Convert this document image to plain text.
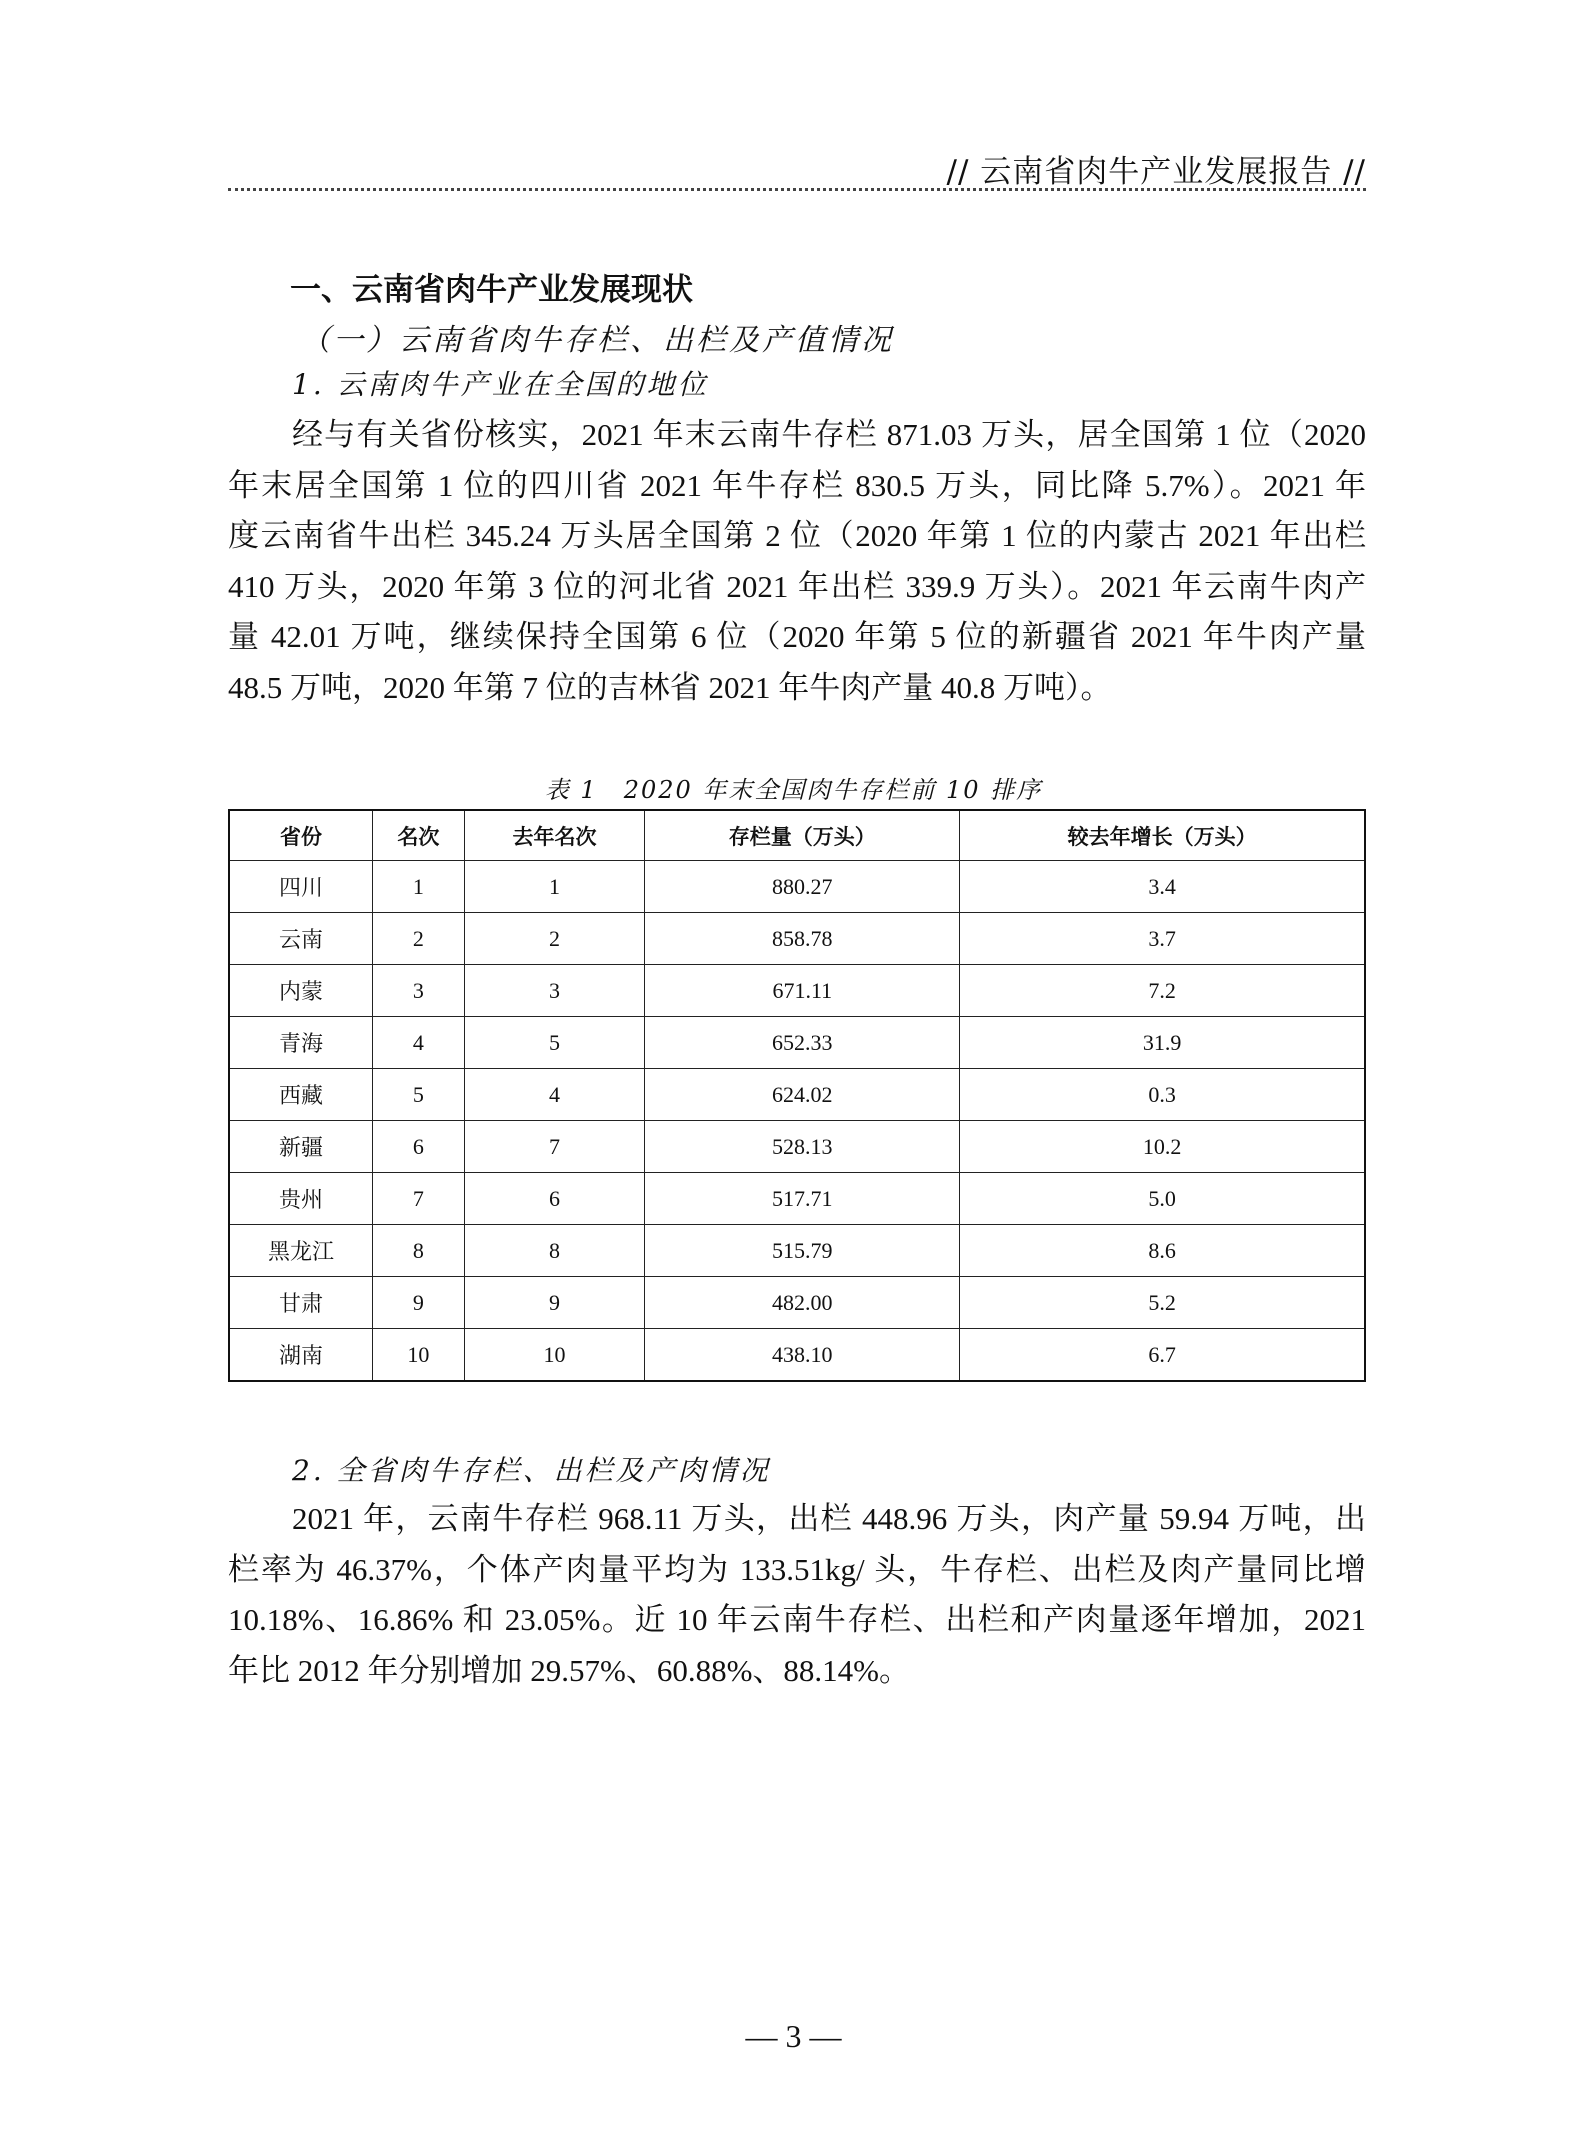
// 云南省肉牛产业发展报告 //
一、云南省肉牛产业发展现状
（一）云南省肉牛存栏、出栏及产值情况
1. 云南肉牛产业在全国的地位
经与有关省份核实，2021 年末云南牛存栏 871.03 万头，居全国第 1 位（2020
年末居全国第 1 位的四川省 2021 年牛存栏 830.5 万头，同比降 5.7%）。2021 年
度云南省牛出栏 345.24 万头居全国第 2 位（2020 年第 1 位的内蒙古 2021 年出栏
410 万头，2020 年第 3 位的河北省 2021 年出栏 339.9 万头）。2021 年云南牛肉产
量 42.01 万吨，继续保持全国第 6 位（2020 年第 5 位的新疆省 2021 年牛肉产量
48.5 万吨，2020 年第 7 位的吉林省 2021 年牛肉产量 40.8 万吨）。
表 1　2020 年末全国肉牛存栏前 10 排序
省份	名次	去年名次	存栏量（万头）	较去年增长（万头）
四川	1	1	880.27	3.4
云南	2	2	858.78	3.7
内蒙	3	3	671.11	7.2
青海	4	5	652.33	31.9
西藏	5	4	624.02	0.3
新疆	6	7	528.13	10.2
贵州	7	6	517.71	5.0
黑龙江	8	8	515.79	8.6
甘肃	9	9	482.00	5.2
湖南	10	10	438.10	6.7
2. 全省肉牛存栏、出栏及产肉情况
2021 年，云南牛存栏 968.11 万头，出栏 448.96 万头，肉产量 59.94 万吨，出
栏率为 46.37%，个体产肉量平均为 133.51kg/ 头，牛存栏、出栏及肉产量同比增
10.18%、16.86% 和 23.05%。近 10 年云南牛存栏、出栏和产肉量逐年增加，2021
年比 2012 年分别增加 29.57%、60.88%、88.14%。
— 3 —
